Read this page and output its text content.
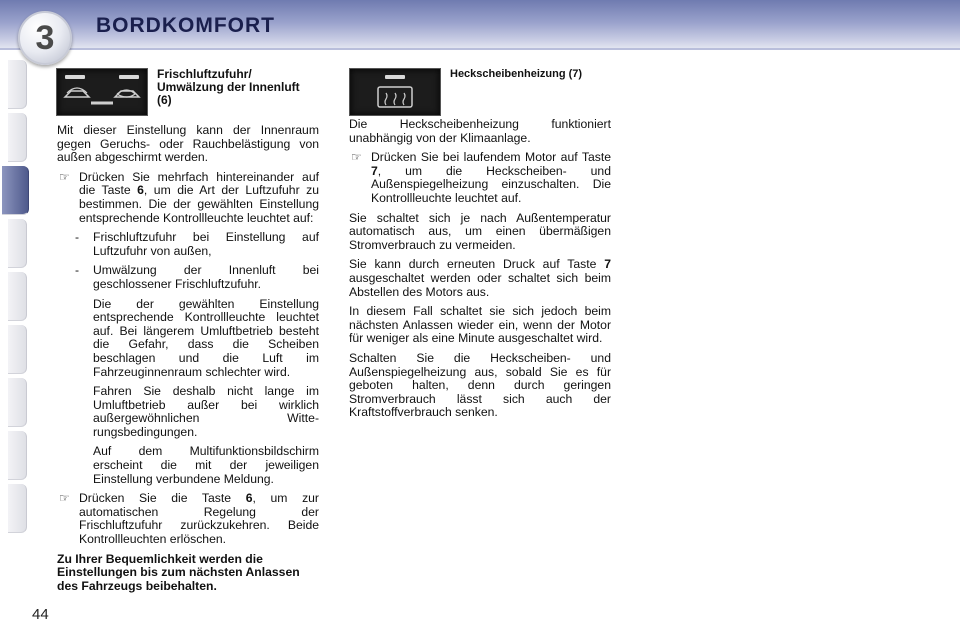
3 BORDKOMFORT
Frischluftzufuhr/ Umwälzung der Innenluft (6)
Heckscheibenheizung (7)

Mit dieser Einstellung kann der Innenraum gegen Geruchs- oder Rauchbelästigung von außen abgeschirmt werden.

☞ Drücken Sie mehrfach hintereinander auf die Taste 6, um die Art der Luftzufuhr zu bestimmen. Die der gewählten Einstellung entsprechende Kontrollleuchte leuchtet auf:
- Frischluftzufuhr bei Einstellung auf Luftzufuhr von außen,
- Umwälzung der Innenluft bei geschlossener Frischluftzufuhr.

Die der gewählten Einstellung entsprechende Kontrollleuchte leuchtet auf. Bei längerem Umluftbetrieb besteht die Gefahr, dass die Scheiben beschlagen und die Luft im Fahrzeuginnenraum schlechter wird.

Fahren Sie deshalb nicht lange im Umluftbetrieb außer bei wirklich außergewöhnlichen Witterungsbedingungen.

Auf dem Multifunktionsbildschirm erscheint die mit der jeweiligen Einstellung verbundene Meldung.

☞ Drücken Sie die Taste 6, um zur automatischen Regelung der Frischluftzufuhr zurückzukehren. Beide Kontrollleuchten erlöschen.

Zu Ihrer Bequemlichkeit werden die Einstellungen bis zum nächsten Anlassen des Fahrzeugs beibehalten.

Die Heckscheibenheizung funktioniert unabhängig von der Klimaanlage.

☞ Drücken Sie bei laufendem Motor auf Taste 7, um die Heckscheiben- und Außenspiegelheizung einzuschalten. Die Kontrollleuchte leuchtet auf.

Sie schaltet sich je nach Außentemperatur automatisch aus, um einen übermäßigen Stromverbrauch zu vermeiden.

Sie kann durch erneuten Druck auf Taste 7 ausgeschaltet werden oder schaltet sich beim Abstellen des Motors aus.

In diesem Fall schaltet sie sich jedoch beim nächsten Anlassen wieder ein, wenn der Motor für weniger als eine Minute ausgeschaltet wird.

Schalten Sie die Heckscheiben- und Außenspiegelheizung aus, sobald Sie es für geboten halten, denn durch geringen Stromverbrauch lässt sich auch der Kraftstoffverbrauch senken.

44
